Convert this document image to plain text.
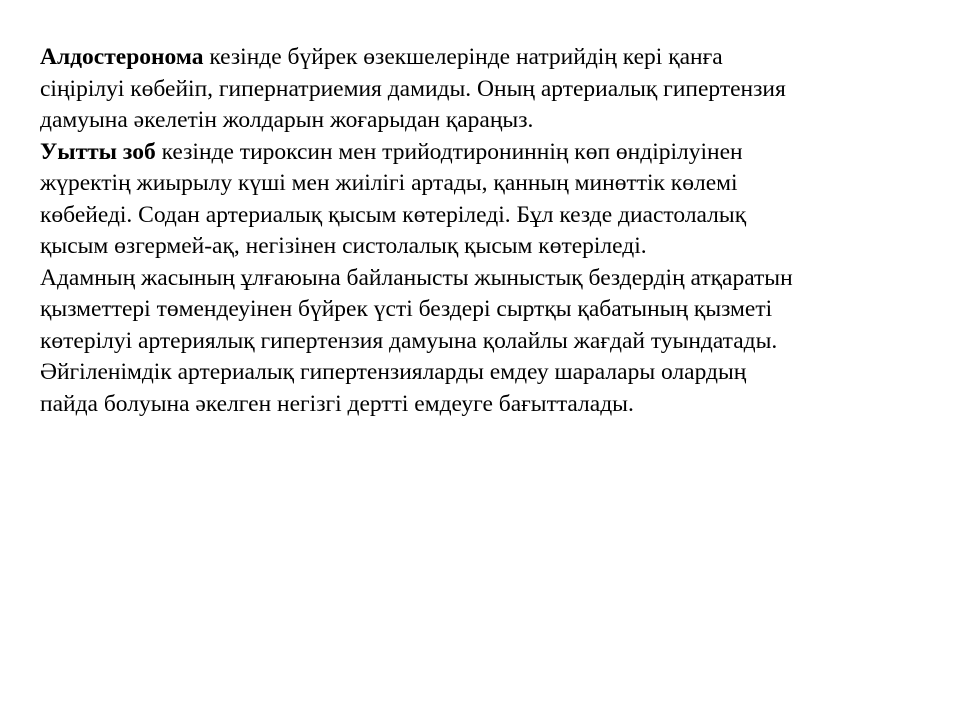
Алдостеронома кезінде бүйрек өзекшелерінде натрийдің кері қанға
сіңірілуі көбейіп, гипернатриемия дамиды. Оның артериалық гипертензия
дамуына әкелетін жолдарын жоғарыдан қараңыз.

Уытты зоб кезінде тироксин мен трийодтирониннің көп өндірілуінен
жүректің жиырылу күші мен жиілігі артады, қанның минөттік көлемі
көбейеді. Содан артериалық қысым көтеріледі. Бұл кезде диастолалық
қысым өзгермей-ақ, негізінен систолалық қысым көтеріледі.

Адамның жасының ұлғаюына байланысты жыныстық бездердің атқаратын
қызметтері төмендеуінен бүйрек үсті бездері сыртқы қабатының қызметі
көтерілуі артериялық гипертензия дамуына қолайлы жағдай туындатады.

Әйгіленімдік артериалық гипертензияларды емдеу шаралары олардың
пайда болуына әкелген негізгі дертті емдеуге бағытталады.
